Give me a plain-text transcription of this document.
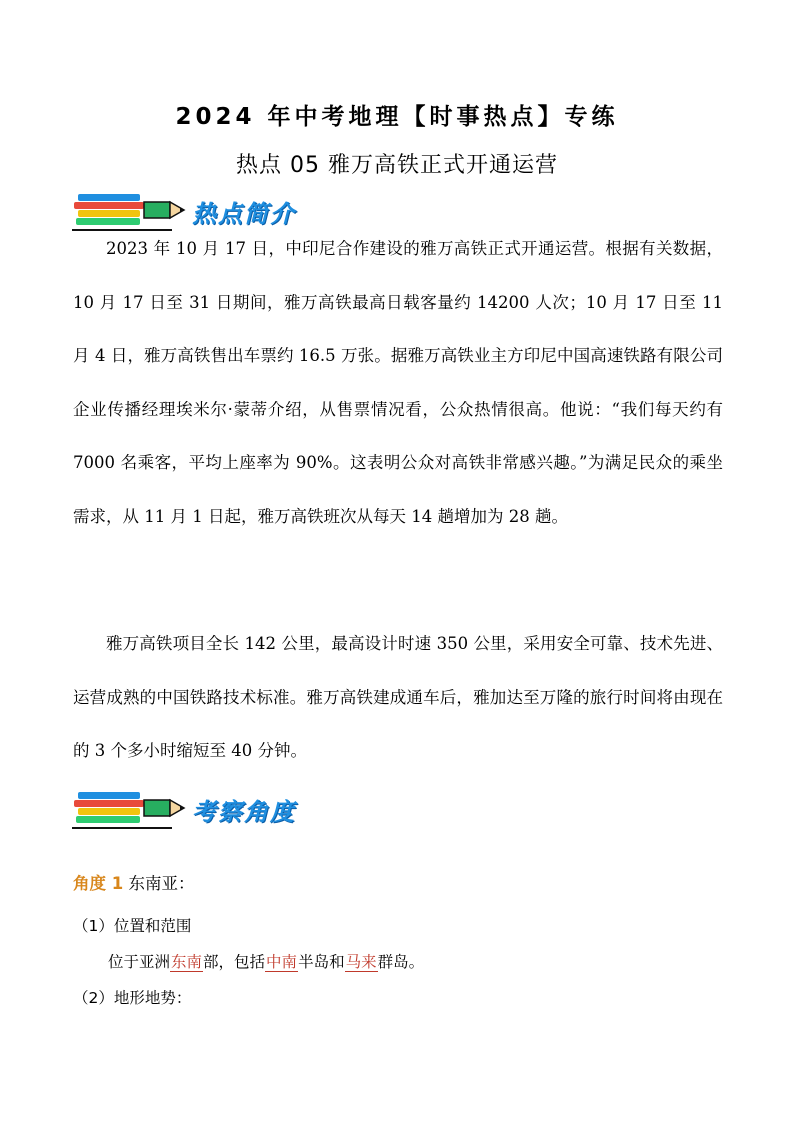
2024 年中考地理【时事热点】专练
热点 05 雅万高铁正式开通运营
热点简介

2023 年 10 月 17 日，中印尼合作建设的雅万高铁正式开通运营。根据有关数据，10 月 17 日至 31 日期间，雅万高铁最高日载客量约 14200 人次；10 月 17 日至 11 月 4 日，雅万高铁售出车票约 16.5 万张。据雅万高铁业主方印尼中国高速铁路有限公司企业传播经理埃米尔·蒙蒂介绍，从售票情况看，公众热情很高。他说：“我们每天约有 7000 名乘客，平均上座率为 90%。这表明公众对高铁非常感兴趣。”为满足民众的乘坐需求，从 11 月 1 日起，雅万高铁班次从每天 14 趟增加为 28 趟。

雅万高铁项目全长 142 公里，最高设计时速 350 公里，采用安全可靠、技术先进、运营成熟的中国铁路技术标准。雅万高铁建成通车后，雅加达至万隆的旅行时间将由现在的 3 个多小时缩短至 40 分钟。

考察角度
角度 1 东南亚：
（1）位置和范围
位于亚洲东南部，包括中南半岛和马来群岛。
（2）地形地势：
